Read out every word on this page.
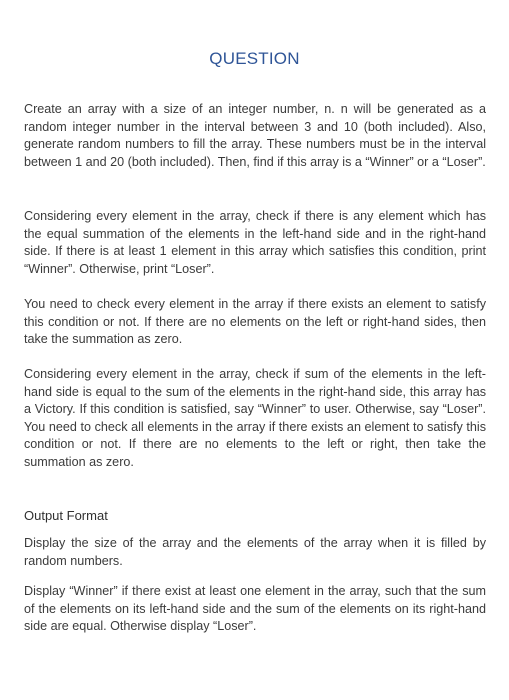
QUESTION
Create an array with a size of an integer number, n. n will be generated as a random integer number in the interval between 3 and 10 (both included). Also, generate random numbers to fill the array. These numbers must be in the interval between 1 and 20 (both included). Then, find if this array is a “Winner” or a “Loser”.
Considering every element in the array, check if there is any element which has the equal summation of the elements in the left-hand side and in the right-hand side. If there is at least 1 element in this array which satisfies this condition, print “Winner”. Otherwise, print “Loser”.
You need to check every element in the array if there exists an element to satisfy this condition or not. If there are no elements on the left or right-hand sides, then take the summation as zero.
Considering every element in the array, check if sum of the elements in the left-hand side is equal to the sum of the elements in the right-hand side, this array has a Victory. If this condition is satisfied, say “Winner” to user. Otherwise, say “Loser”. You need to check all elements in the array if there exists an element to satisfy this condition or not. If there are no elements to the left or right, then take the summation as zero.
Output Format
Display the size of the array and the elements of the array when it is filled by random numbers.
Display “Winner” if there exist at least one element in the array, such that the sum of the elements on its left-hand side and the sum of the elements on its right-hand side are equal. Otherwise display “Loser”.
